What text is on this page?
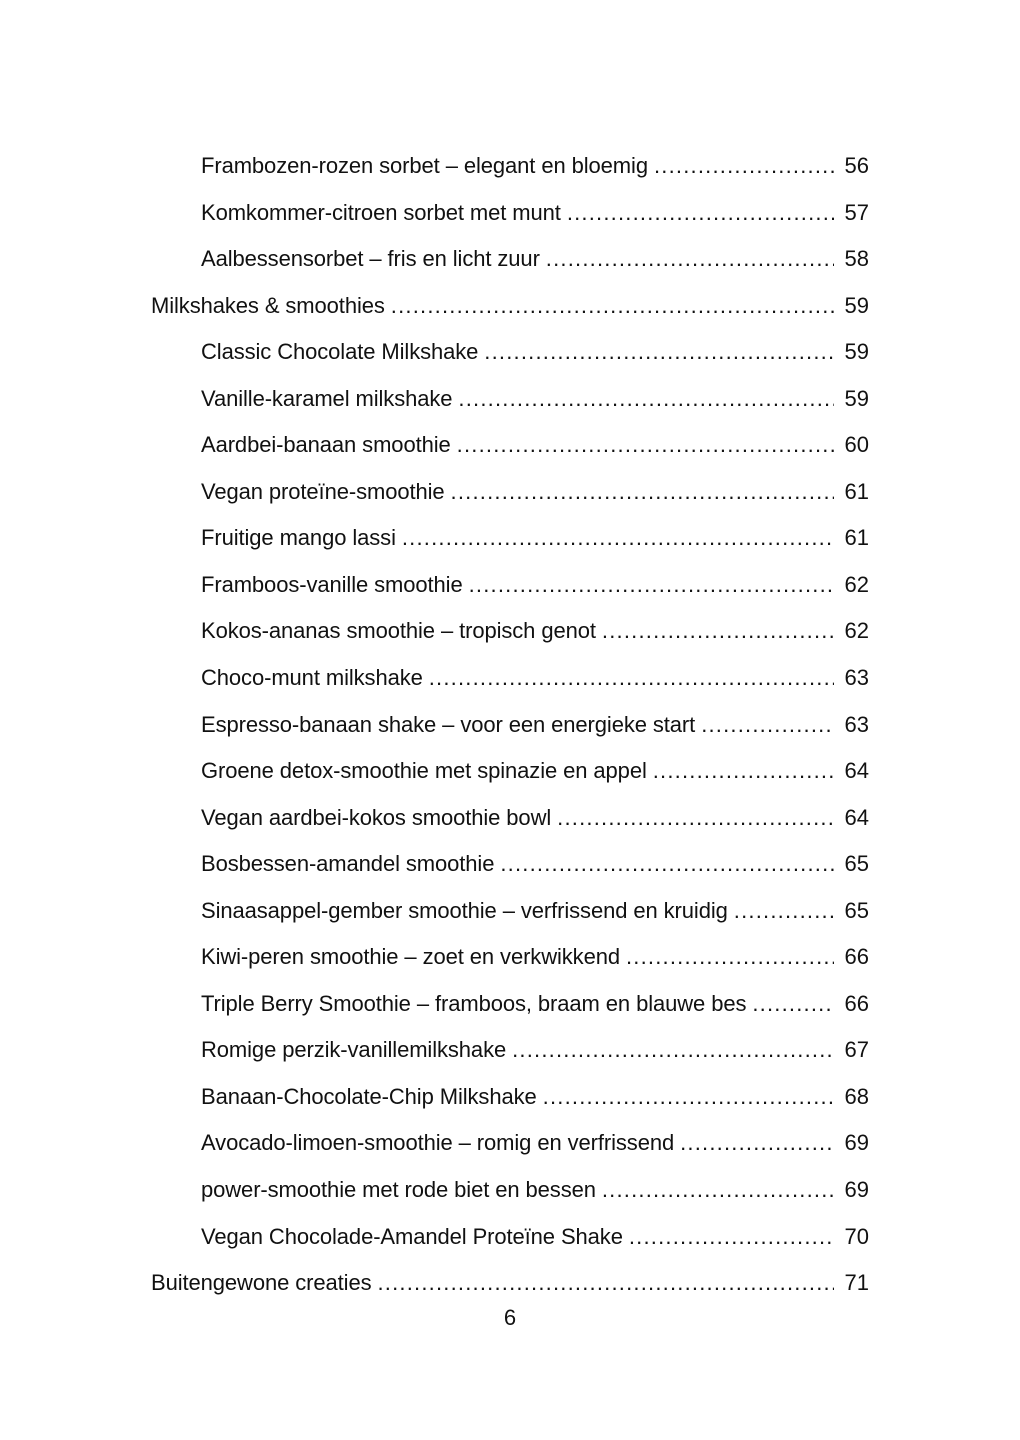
Frambozen-rozen sorbet – elegant en bloemig .....	56
Komkommer-citroen sorbet met munt .....	57
Aalbessensorbet – fris en licht zuur .....	58
Milkshakes & smoothies .....	59
Classic Chocolate Milkshake .....	59
Vanille-karamel milkshake .....	59
Aardbei-banaan smoothie .....	60
Vegan proteïne-smoothie .....	61
Fruitige mango lassi .....	61
Framboos-vanille smoothie .....	62
Kokos-ananas smoothie – tropisch genot .....	62
Choco-munt milkshake .....	63
Espresso-banaan shake – voor een energieke start .....	63
Groene detox-smoothie met spinazie en appel .....	64
Vegan aardbei-kokos smoothie bowl .....	64
Bosbessen-amandel smoothie .....	65
Sinaasappel-gember smoothie – verfrissend en kruidig .....	65
Kiwi-peren smoothie – zoet en verkwikkend .....	66
Triple Berry Smoothie – framboos, braam en blauwe bes .....	66
Romige perzik-vanillemilkshake .....	67
Banaan-Chocolate-Chip Milkshake .....	68
Avocado-limoen-smoothie – romig en verfrissend .....	69
power-smoothie met rode biet en bessen .....	69
Vegan Chocolade-Amandel Proteïne Shake .....	70
Buitengewone creaties .....	71
6
